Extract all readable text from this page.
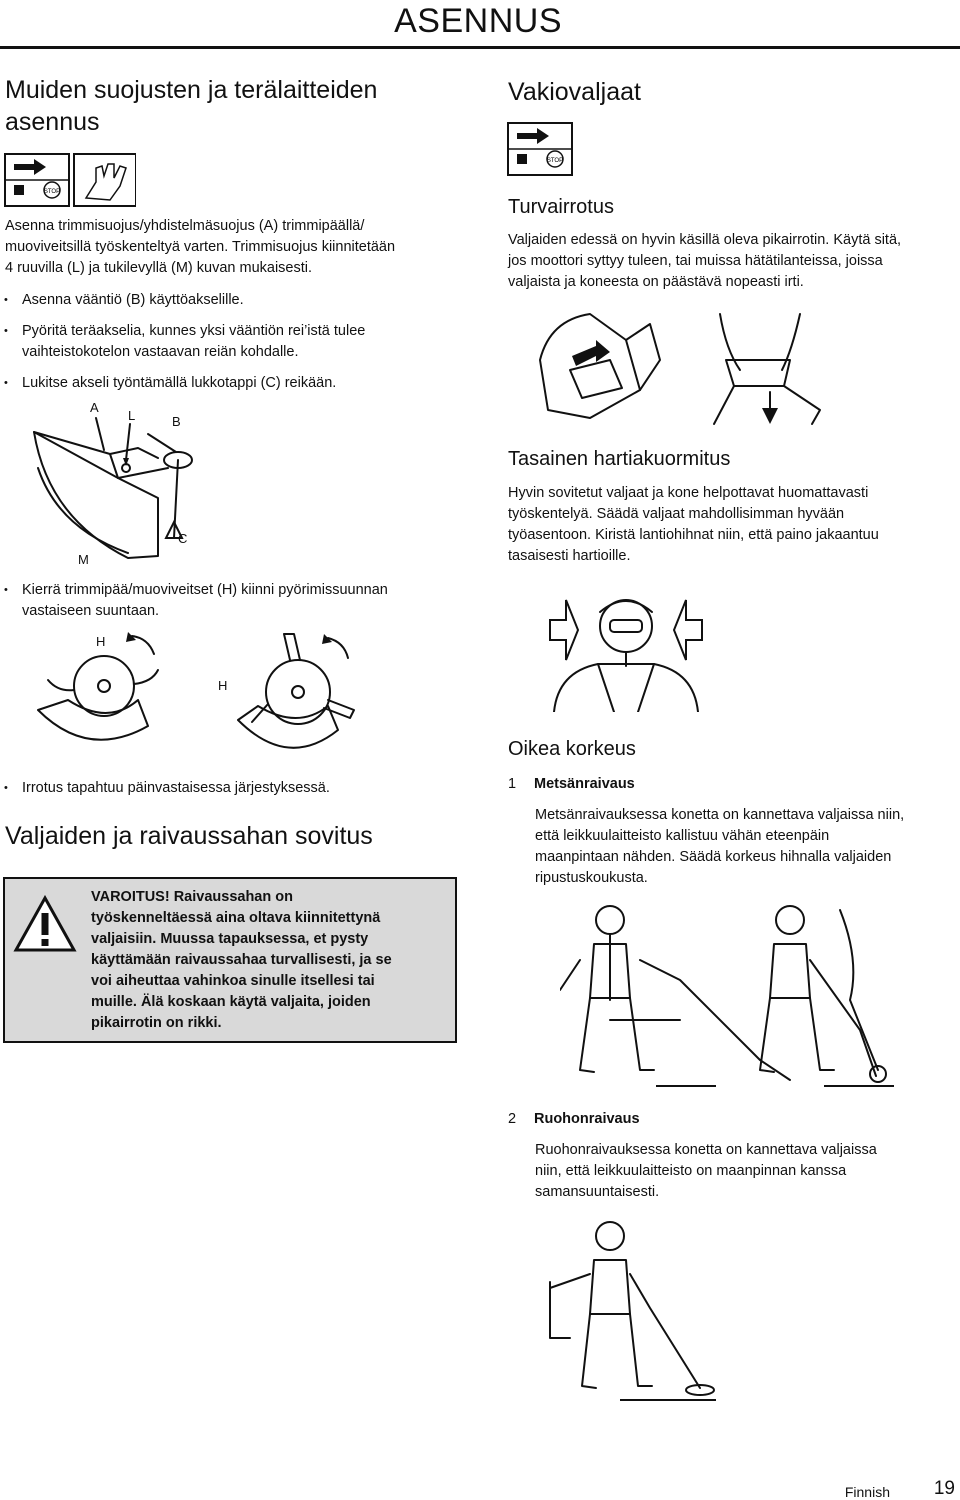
ASENNUS
Muiden suojusten ja terälaitteiden
asennus
STOP

Asenna trimmisuojus/yhdistelmäsuojus (A) trimmipäällä/

muoviveitsillä työskenteltyä varten. Trimmisuojus kiinnitetään

4 ruuvilla (L) ja tukilevyllä (M) kuvan mukaisesti.

• Asenna vääntiö (B) käyttöakselille.
• Pyöritä teräakselia, kunnes yksi vääntiön rei’istä tulee
vaihteistokotelon vastaavan reiän kohdalle.
• Lukitse akseli työntämällä lukkotappi (C) reikään.
A
L	B
C
M
• Kierrä trimmipää/muoviveitset (H) kiinni pyörimissuunnan
vastaiseen suuntaan.
H
H
• Irrotus tapahtuu päinvastaisessa järjestyksessä.
Valjaiden ja raivaussahan sovitus
VAROITUS! Raivaussahan on
työskenneltäessä aina oltava kiinnitettynä
valjaisiin. Muussa tapauksessa, et pysty
käyttämään raivaussahaa turvallisesti, ja se
voi aiheuttaa vahinkoa sinulle itsellesi tai
muille. Älä koskaan käytä valjaita, joiden
pikairrotin on rikki.
Vakiovaljaat
STOP
Turvairrotus

Valjaiden edessä on hyvin käsillä oleva pikairrotin. Käytä sitä,

jos moottori syttyy tuleen, tai muissa hätätilanteissa, joissa

valjaista ja koneesta on päästävä nopeasti irti.

Tasainen hartiakuormitus

Hyvin sovitetut valjaat ja kone helpottavat huomattavasti

työskentelyä. Säädä valjaat mahdollisimman hyvään

työasentoon. Kiristä lantiohihnat niin, että paino jakaantuu

tasaisesti hartioille.

Oikea korkeus
1 Metsänraivaus

Metsänraivauksessa konetta on kannettava valjaissa niin,

että leikkuulaitteisto kallistuu vähän eteenpäin

maanpintaan nähden. Säädä korkeus hihnalla valjaiden

ripustuskoukusta.

2 Ruohonraivaus

Ruohonraivauksessa konetta on kannettava valjaissa

niin, että leikkuulaitteisto on maanpinnan kanssa

samansuuntaisesti.

Finnish 19
